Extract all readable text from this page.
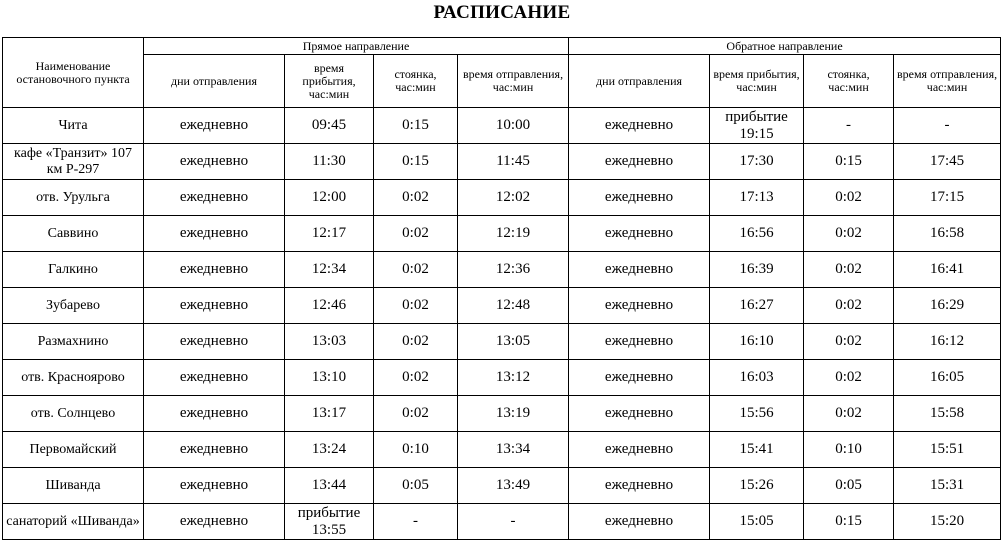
РАСПИСАНИЕ
Наименование остановочного пункта	Прямое направление				Обратное направление			
	дни отправления	время прибытия, час:мин	стоянка, час:мин	время отправления, час:мин	дни отправления	время прибытия, час:мин	стоянка, час:мин	время отправления, час:мин
Чита	ежедневно	09:45	0:15	10:00	ежедневно	прибытие 19:15	-	-
кафе «Транзит» 107 км Р-297	ежедневно	11:30	0:15	11:45	ежедневно	17:30	0:15	17:45
отв. Урульга	ежедневно	12:00	0:02	12:02	ежедневно	17:13	0:02	17:15
Саввино	ежедневно	12:17	0:02	12:19	ежедневно	16:56	0:02	16:58
Галкино	ежедневно	12:34	0:02	12:36	ежедневно	16:39	0:02	16:41
Зубарево	ежедневно	12:46	0:02	12:48	ежедневно	16:27	0:02	16:29
Размахнино	ежедневно	13:03	0:02	13:05	ежедневно	16:10	0:02	16:12
отв. Красноярово	ежедневно	13:10	0:02	13:12	ежедневно	16:03	0:02	16:05
отв. Солнцево	ежедневно	13:17	0:02	13:19	ежедневно	15:56	0:02	15:58
Первомайский	ежедневно	13:24	0:10	13:34	ежедневно	15:41	0:10	15:51
Шиванда	ежедневно	13:44	0:05	13:49	ежедневно	15:26	0:05	15:31
санаторий «Шиванда»	ежедневно	прибытие 13:55	-	-	ежедневно	15:05	0:15	15:20
